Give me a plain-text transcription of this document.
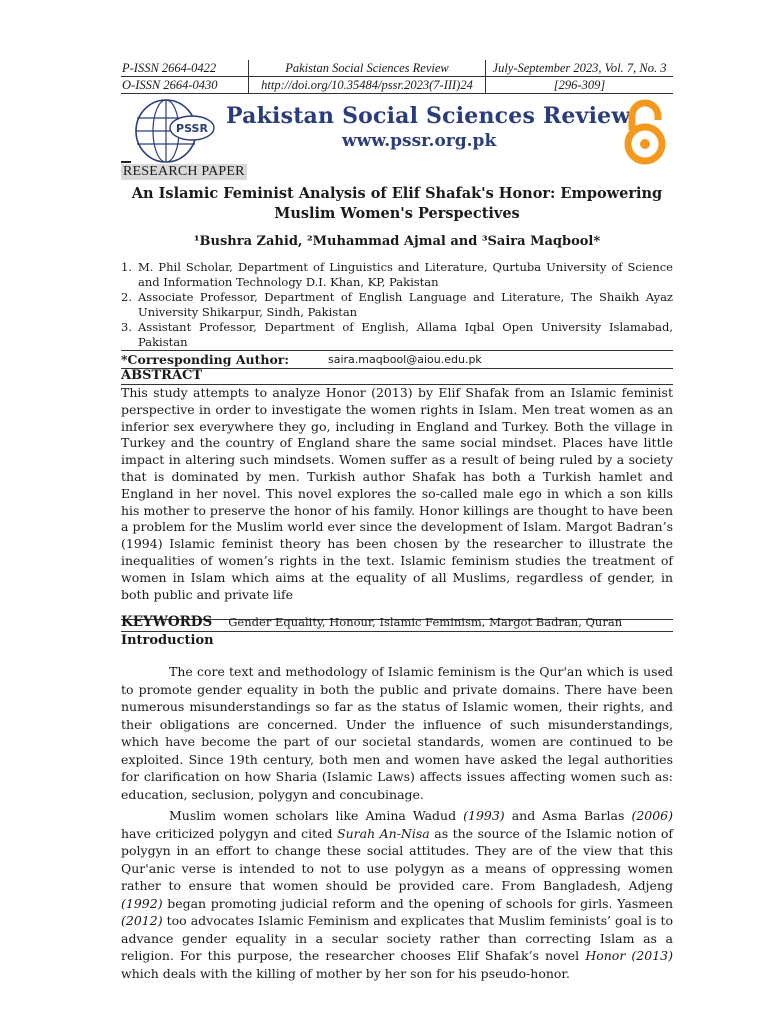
P-ISSN 2664-0422	Pakistan Social Sciences Review	July-September 2023, Vol. 7, No. 3
O-ISSN 2664-0430	http://doi.org/10.35484/pssr.2023(7-III)24	[296-309]
PSSR Pakistan Social Sciences Review
www.pssr.org.pk
RESEARCH PAPER
An Islamic Feminist Analysis of Elif Shafak's Honor: Empowering Muslim Women's Perspectives
¹Bushra Zahid, ²Muhammad Ajmal and ³Saira Maqbool*
1. M. Phil Scholar, Department of Linguistics and Literature, Qurtuba University of Science and Information Technology D.I. Khan, KP, Pakistan
2. Associate Professor, Department of English Language and Literature, The Shaikh Ayaz University Shikarpur, Sindh, Pakistan
3. Assistant Professor, Department of English, Allama Iqbal Open University Islamabad, Pakistan
*Corresponding Author:	saira.maqbool@aiou.edu.pk
ABSTRACT
This study attempts to analyze Honor (2013) by Elif Shafak from an Islamic feminist perspective in order to investigate the women rights in Islam. Men treat women as an inferior sex everywhere they go, including in England and Turkey. Both the village in Turkey and the country of England share the same social mindset. Places have little impact in altering such mindsets. Women suffer as a result of being ruled by a society that is dominated by men. Turkish author Shafak has both a Turkish hamlet and England in her novel. This novel explores the so-called male ego in which a son kills his mother to preserve the honor of his family. Honor killings are thought to have been a problem for the Muslim world ever since the development of Islam. Margot Badran’s (1994) Islamic feminist theory has been chosen by the researcher to illustrate the inequalities of women’s rights in the text. Islamic feminism studies the treatment of women in Islam which aims at the equality of all Muslims, regardless of gender, in both public and private life
KEYWORDS Gender Equality, Honour, Islamic Feminism, Margot Badran, Quran
Introduction
The core text and methodology of Islamic feminism is the Qur'an which is used to promote gender equality in both the public and private domains. There have been numerous misunderstandings so far as the status of Islamic women, their rights, and their obligations are concerned. Under the influence of such misunderstandings, which have become the part of our societal standards, women are continued to be exploited. Since 19th century, both men and women have asked the legal authorities for clarification on how Sharia (Islamic Laws) affects issues affecting women such as: education, seclusion, polygyn and concubinage.
Muslim women scholars like Amina Wadud (1993) and Asma Barlas (2006) have criticized polygyn and cited Surah An-Nisa as the source of the Islamic notion of polygyn in an effort to change these social attitudes. They are of the view that this Qur'anic verse is intended to not to use polygyn as a means of oppressing women rather to ensure that women should be provided care. From Bangladesh, Adjeng (1992) began promoting judicial reform and the opening of schools for girls. Yasmeen (2012) too advocates Islamic Feminism and explicates that Muslim feminists’ goal is to advance gender equality in a secular society rather than correcting Islam as a religion. For this purpose, the researcher chooses Elif Shafak’s novel Honor (2013) which deals with the killing of mother by her son for his pseudo-honor.
